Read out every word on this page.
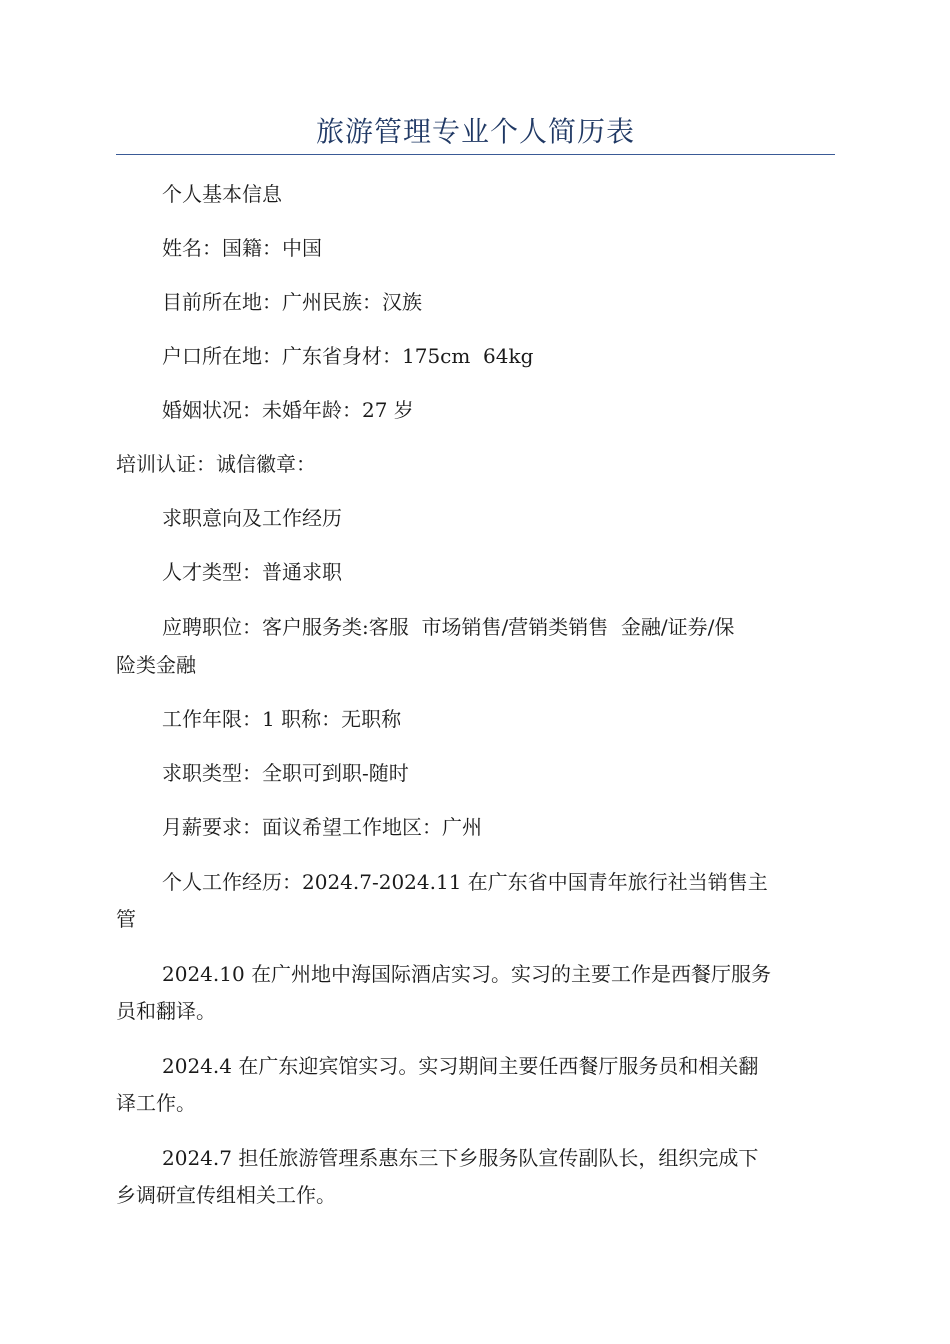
旅游管理专业个人简历表
个人基本信息
姓名：国籍：中国
目前所在地：广州民族：汉族
户口所在地：广东省身材：175cm  64kg
婚姻状况：未婚年龄：27 岁
培训认证：诚信徽章：
求职意向及工作经历
人才类型：普通求职
应聘职位：客户服务类:客服  市场销售/营销类销售  金融/证券/保
险类金融
工作年限：1 职称：无职称
求职类型：全职可到职-随时
月薪要求：面议希望工作地区：广州
个人工作经历：2024.7-2024.11 在广东省中国青年旅行社当销售主
管
2024.10 在广州地中海国际酒店实习。实习的主要工作是西餐厅服务
员和翻译。
2024.4 在广东迎宾馆实习。实习期间主要任西餐厅服务员和相关翻
译工作。
2024.7 担任旅游管理系惠东三下乡服务队宣传副队长，组织完成下
乡调研宣传组相关工作。
